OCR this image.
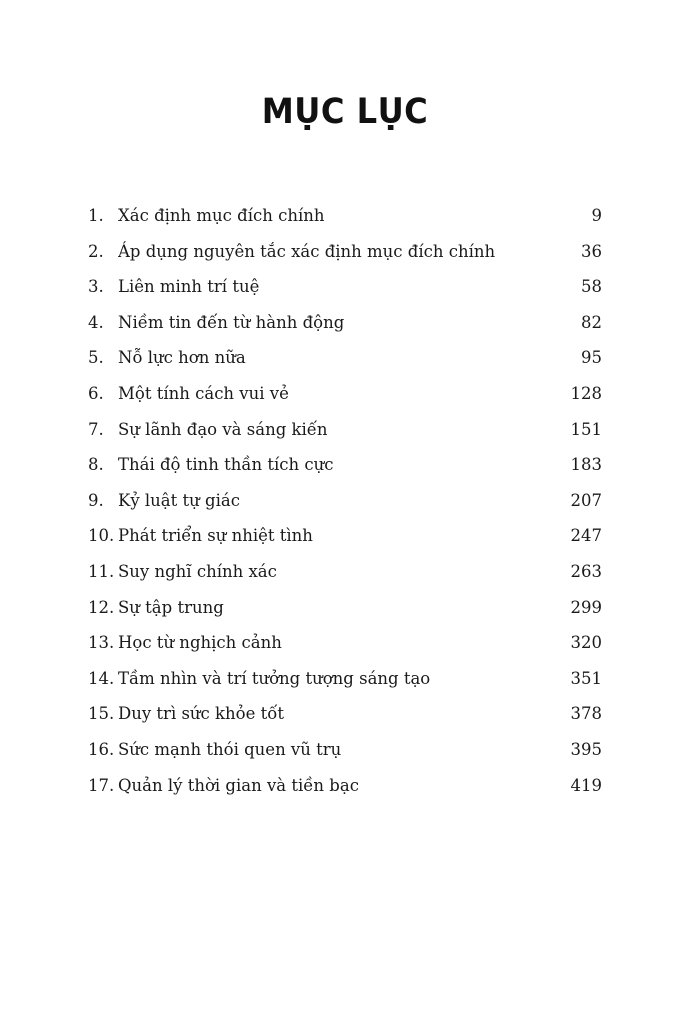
MỤC LỤC
1. Xác định mục đích chính	9
2. Áp dụng nguyên tắc xác định mục đích chính	36
3. Liên minh trí tuệ	58
4. Niềm tin đến từ hành động	82
5. Nỗ lực hơn nữa	95
6. Một tính cách vui vẻ	128
7. Sự lãnh đạo và sáng kiến	151
8. Thái độ tinh thần tích cực	183
9. Kỷ luật tự giác	207
10. Phát triển sự nhiệt tình	247
11. Suy nghĩ chính xác	263
12. Sự tập trung	299
13. Học từ nghịch cảnh	320
14. Tầm nhìn và trí tưởng tượng sáng tạo	351
15. Duy trì sức khỏe tốt	378
16. Sức mạnh thói quen vũ trụ	395
17. Quản lý thời gian và tiền bạc	419
